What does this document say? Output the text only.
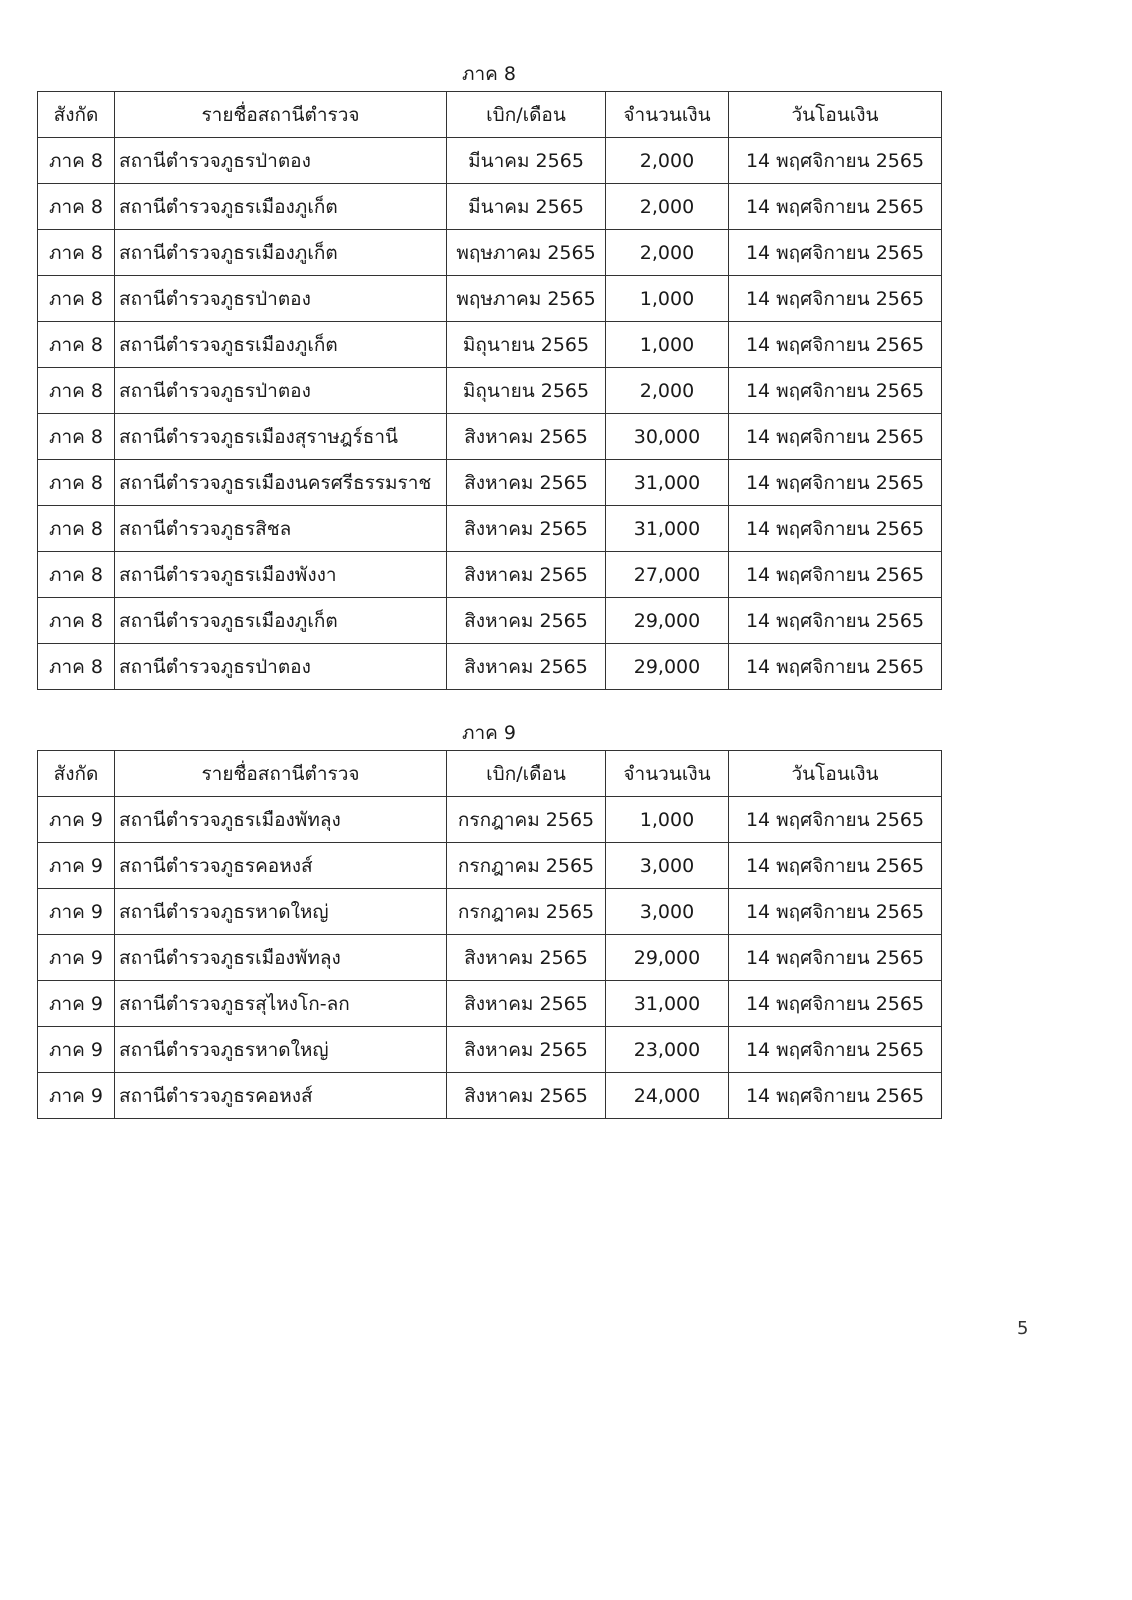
ภาค 8
สังกัด	รายชื่อสถานีตำรวจ	เบิก/เดือน	จำนวนเงิน	วันโอนเงิน
ภาค 8	สถานีตำรวจภูธรป่าตอง	มีนาคม 2565	2,000	14 พฤศจิกายน 2565
ภาค 8	สถานีตำรวจภูธรเมืองภูเก็ต	มีนาคม 2565	2,000	14 พฤศจิกายน 2565
ภาค 8	สถานีตำรวจภูธรเมืองภูเก็ต	พฤษภาคม 2565	2,000	14 พฤศจิกายน 2565
ภาค 8	สถานีตำรวจภูธรป่าตอง	พฤษภาคม 2565	1,000	14 พฤศจิกายน 2565
ภาค 8	สถานีตำรวจภูธรเมืองภูเก็ต	มิถุนายน 2565	1,000	14 พฤศจิกายน 2565
ภาค 8	สถานีตำรวจภูธรป่าตอง	มิถุนายน 2565	2,000	14 พฤศจิกายน 2565
ภาค 8	สถานีตำรวจภูธรเมืองสุราษฎร์ธานี	สิงหาคม 2565	30,000	14 พฤศจิกายน 2565
ภาค 8	สถานีตำรวจภูธรเมืองนครศรีธรรมราช	สิงหาคม 2565	31,000	14 พฤศจิกายน 2565
ภาค 8	สถานีตำรวจภูธรสิชล	สิงหาคม 2565	31,000	14 พฤศจิกายน 2565
ภาค 8	สถานีตำรวจภูธรเมืองพังงา	สิงหาคม 2565	27,000	14 พฤศจิกายน 2565
ภาค 8	สถานีตำรวจภูธรเมืองภูเก็ต	สิงหาคม 2565	29,000	14 พฤศจิกายน 2565
ภาค 8	สถานีตำรวจภูธรป่าตอง	สิงหาคม 2565	29,000	14 พฤศจิกายน 2565
ภาค 9
สังกัด	รายชื่อสถานีตำรวจ	เบิก/เดือน	จำนวนเงิน	วันโอนเงิน
ภาค 9	สถานีตำรวจภูธรเมืองพัทลุง	กรกฎาคม 2565	1,000	14 พฤศจิกายน 2565
ภาค 9	สถานีตำรวจภูธรคอหงส์	กรกฎาคม 2565	3,000	14 พฤศจิกายน 2565
ภาค 9	สถานีตำรวจภูธรหาดใหญ่	กรกฎาคม 2565	3,000	14 พฤศจิกายน 2565
ภาค 9	สถานีตำรวจภูธรเมืองพัทลุง	สิงหาคม 2565	29,000	14 พฤศจิกายน 2565
ภาค 9	สถานีตำรวจภูธรสุไหงโก-ลก	สิงหาคม 2565	31,000	14 พฤศจิกายน 2565
ภาค 9	สถานีตำรวจภูธรหาดใหญ่	สิงหาคม 2565	23,000	14 พฤศจิกายน 2565
ภาค 9	สถานีตำรวจภูธรคอหงส์	สิงหาคม 2565	24,000	14 พฤศจิกายน 2565
5
